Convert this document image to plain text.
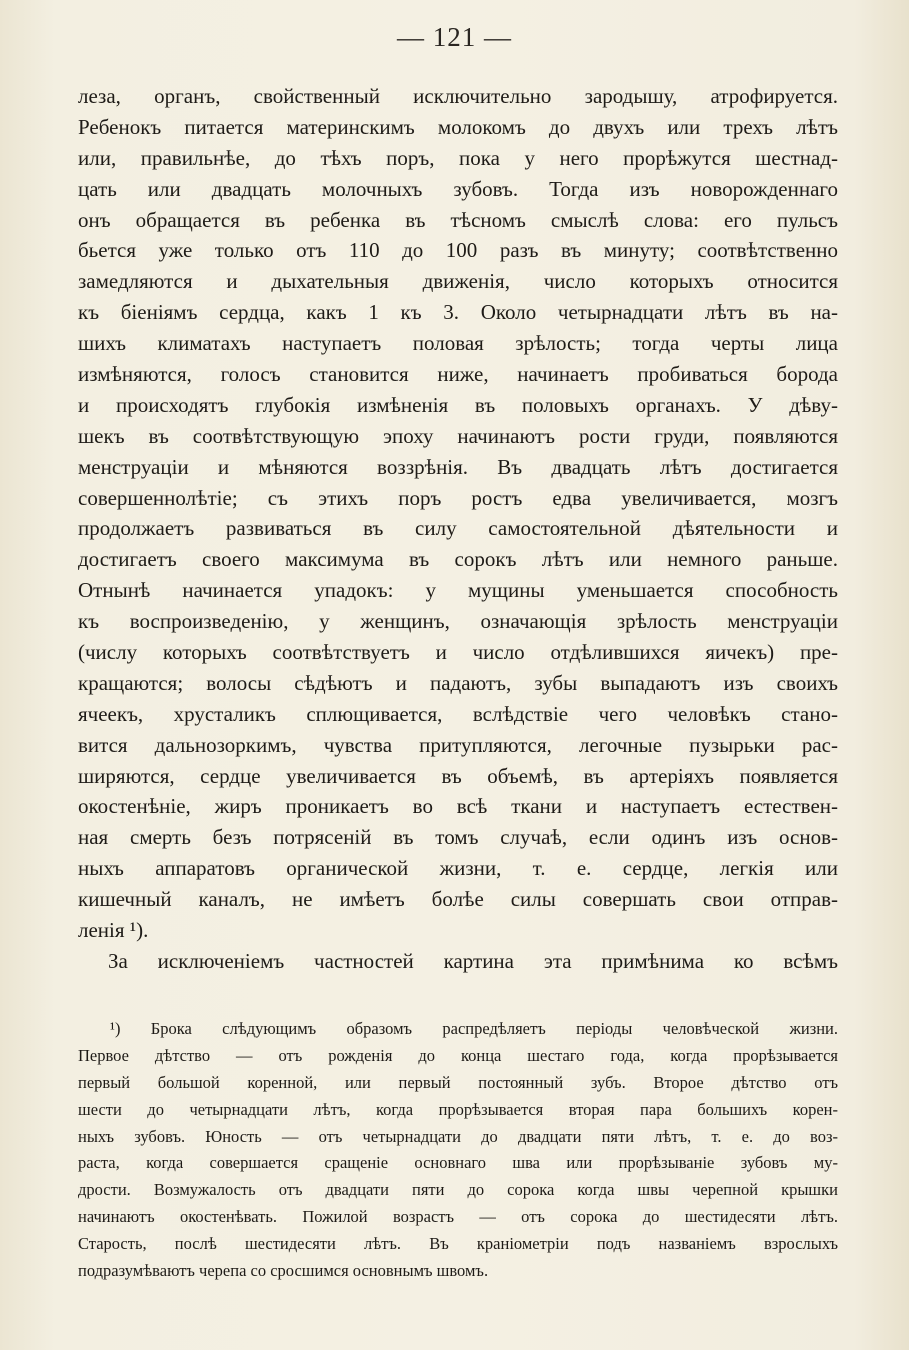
— 121 —
леза, органъ, свойственный исключительно зародышу, атрофируется.
Ребенокъ питается материнскимъ молокомъ до двухъ или трехъ лѣтъ
или, правильнѣе, до тѣхъ поръ, пока у него прорѣжутся шестнад-
цать или двадцать молочныхъ зубовъ. Тогда изъ новорожденнаго
онъ обращается въ ребенка въ тѣсномъ смыслѣ слова: его пульсъ
бьется уже только отъ 110 до 100 разъ въ минуту; соотвѣтственно
замедляются и дыхательныя движенія, число которыхъ относится
къ біеніямъ сердца, какъ 1 къ 3. Около четырнадцати лѣтъ въ на-
шихъ климатахъ наступаетъ половая зрѣлость; тогда черты лица
измѣняются, голосъ становится ниже, начинаетъ пробиваться борода
и происходятъ глубокія измѣненія въ половыхъ органахъ. У дѣву-
шекъ въ соотвѣтствующую эпоху начинаютъ рости груди, появляются
менструаціи и мѣняются воззрѣнія. Въ двадцать лѣтъ достигается
совершеннолѣтіе; съ этихъ поръ ростъ едва увеличивается, мозгъ
продолжаетъ развиваться въ силу самостоятельной дѣятельности и
достигаетъ своего максимума въ сорокъ лѣтъ или немного раньше.
Отнынѣ начинается упадокъ: у мущины уменьшается способность
къ воспроизведенію, у женщинъ, означающія зрѣлость менструаціи
(числу которыхъ соотвѣтствуетъ и число отдѣлившихся яичекъ) пре-
кращаются; волосы сѣдѣютъ и падаютъ, зубы выпадаютъ изъ своихъ
ячеекъ, хрусталикъ сплющивается, вслѣдствіе чего человѣкъ стано-
вится дальнозоркимъ, чувства притупляются, легочные пузырьки рас-
ширяются, сердце увеличивается въ объемѣ, въ артеріяхъ появляется
окостенѣніе, жиръ проникаетъ во всѣ ткани и наступаетъ естествен-
ная смерть безъ потрясеній въ томъ случаѣ, если одинъ изъ основ-
ныхъ аппаратовъ органической жизни, т. е. сердце, легкія или
кишечный каналъ, не имѣетъ болѣе силы совершать свои отправ-
ленія ¹).
За исключеніемъ частностей картина эта примѣнима ко всѣмъ
¹) Брока слѣдующимъ образомъ распредѣляетъ періоды человѣческой жизни.
Первое дѣтство — отъ рожденія до конца шестаго года, когда прорѣзывается
первый большой коренной, или первый постоянный зубъ. Второе дѣтство отъ
шести до четырнадцати лѣтъ, когда прорѣзывается вторая пара большихъ корен-
ныхъ зубовъ. Юность — отъ четырнадцати до двадцати пяти лѣтъ, т. е. до воз-
раста, когда совершается сращеніе основнаго шва или прорѣзываніе зубовъ му-
дрости. Возмужалость отъ двадцати пяти до сорока когда швы черепной крышки
начинаютъ окостенѣвать. Пожилой возрастъ — отъ сорока до шестидесяти лѣтъ.
Старость, послѣ шестидесяти лѣтъ. Въ краніометріи подъ названіемъ взрослыхъ
подразумѣваютъ черепа со сросшимся основнымъ швомъ.
